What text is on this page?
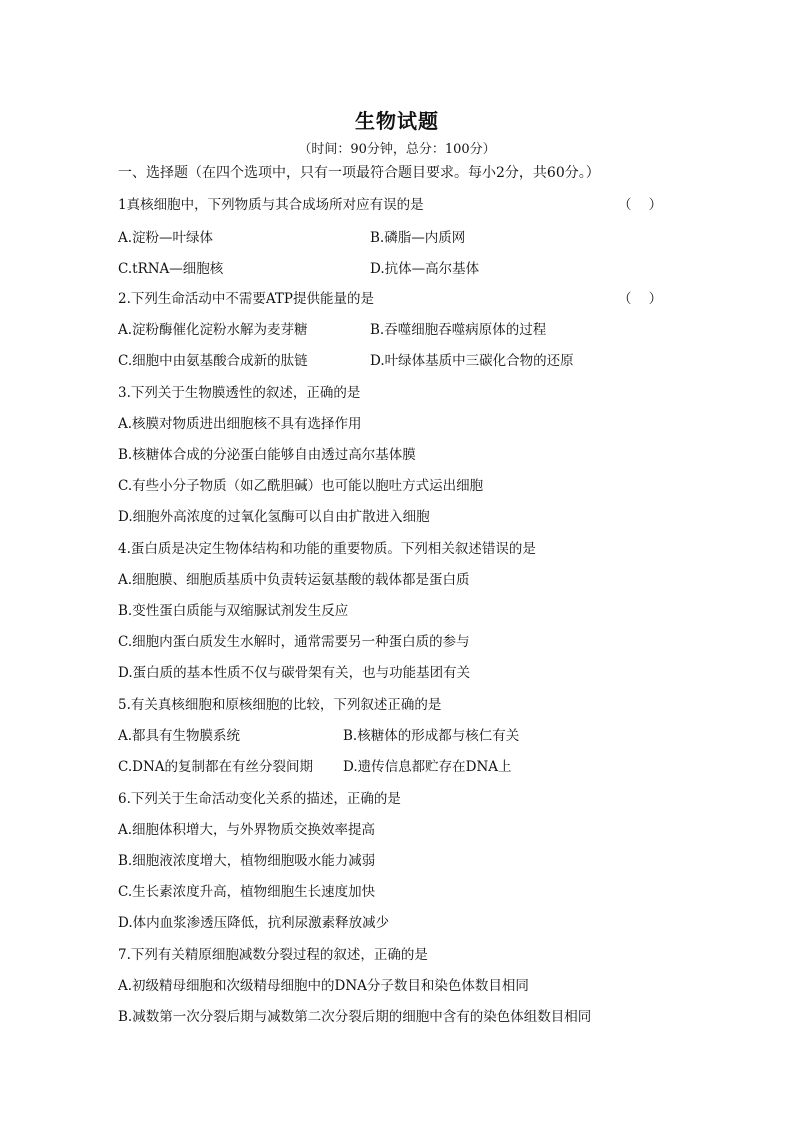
生物试题
（时间：90分钟，总分：100分）
一、选择题（在四个选项中，只有一项最符合题目要求。每小2分，共60分。）
1真核细胞中，下列物质与其合成场所对应有误的是	（    ）
A.淀粉—叶绿体	B.磷脂—内质网
C.tRNA—细胞核	D.抗体—高尔基体
2.下列生命活动中不需要ATP提供能量的是	（    ）
A.淀粉酶催化淀粉水解为麦芽糖	B.吞噬细胞吞噬病原体的过程
C.细胞中由氨基酸合成新的肽链	D.叶绿体基质中三碳化合物的还原
3.下列关于生物膜透性的叙述，正确的是
A.核膜对物质进出细胞核不具有选择作用
B.核糖体合成的分泌蛋白能够自由透过高尔基体膜
C.有些小分子物质（如乙酰胆碱）也可能以胞吐方式运出细胞
D.细胞外高浓度的过氧化氢酶可以自由扩散进入细胞
4.蛋白质是决定生物体结构和功能的重要物质。下列相关叙述错误的是
A.细胞膜、细胞质基质中负责转运氨基酸的载体都是蛋白质
B.变性蛋白质能与双缩脲试剂发生反应
C.细胞内蛋白质发生水解时，通常需要另一种蛋白质的参与
D.蛋白质的基本性质不仅与碳骨架有关，也与功能基团有关
5.有关真核细胞和原核细胞的比较，下列叙述正确的是
A.都具有生物膜系统	B.核糖体的形成都与核仁有关
C.DNA的复制都在有丝分裂间期 D.遗传信息都贮存在DNA上
6.下列关于生命活动变化关系的描述，正确的是
A.细胞体积增大，与外界物质交换效率提高
B.细胞液浓度增大，植物细胞吸水能力减弱
C.生长素浓度升高，植物细胞生长速度加快
D.体内血浆渗透压降低，抗利尿激素释放减少
7.下列有关精原细胞减数分裂过程的叙述，正确的是
A.初级精母细胞和次级精母细胞中的DNA分子数目和染色体数目相同
B.减数第一次分裂后期与减数第二次分裂后期的细胞中含有的染色体组数目相同
